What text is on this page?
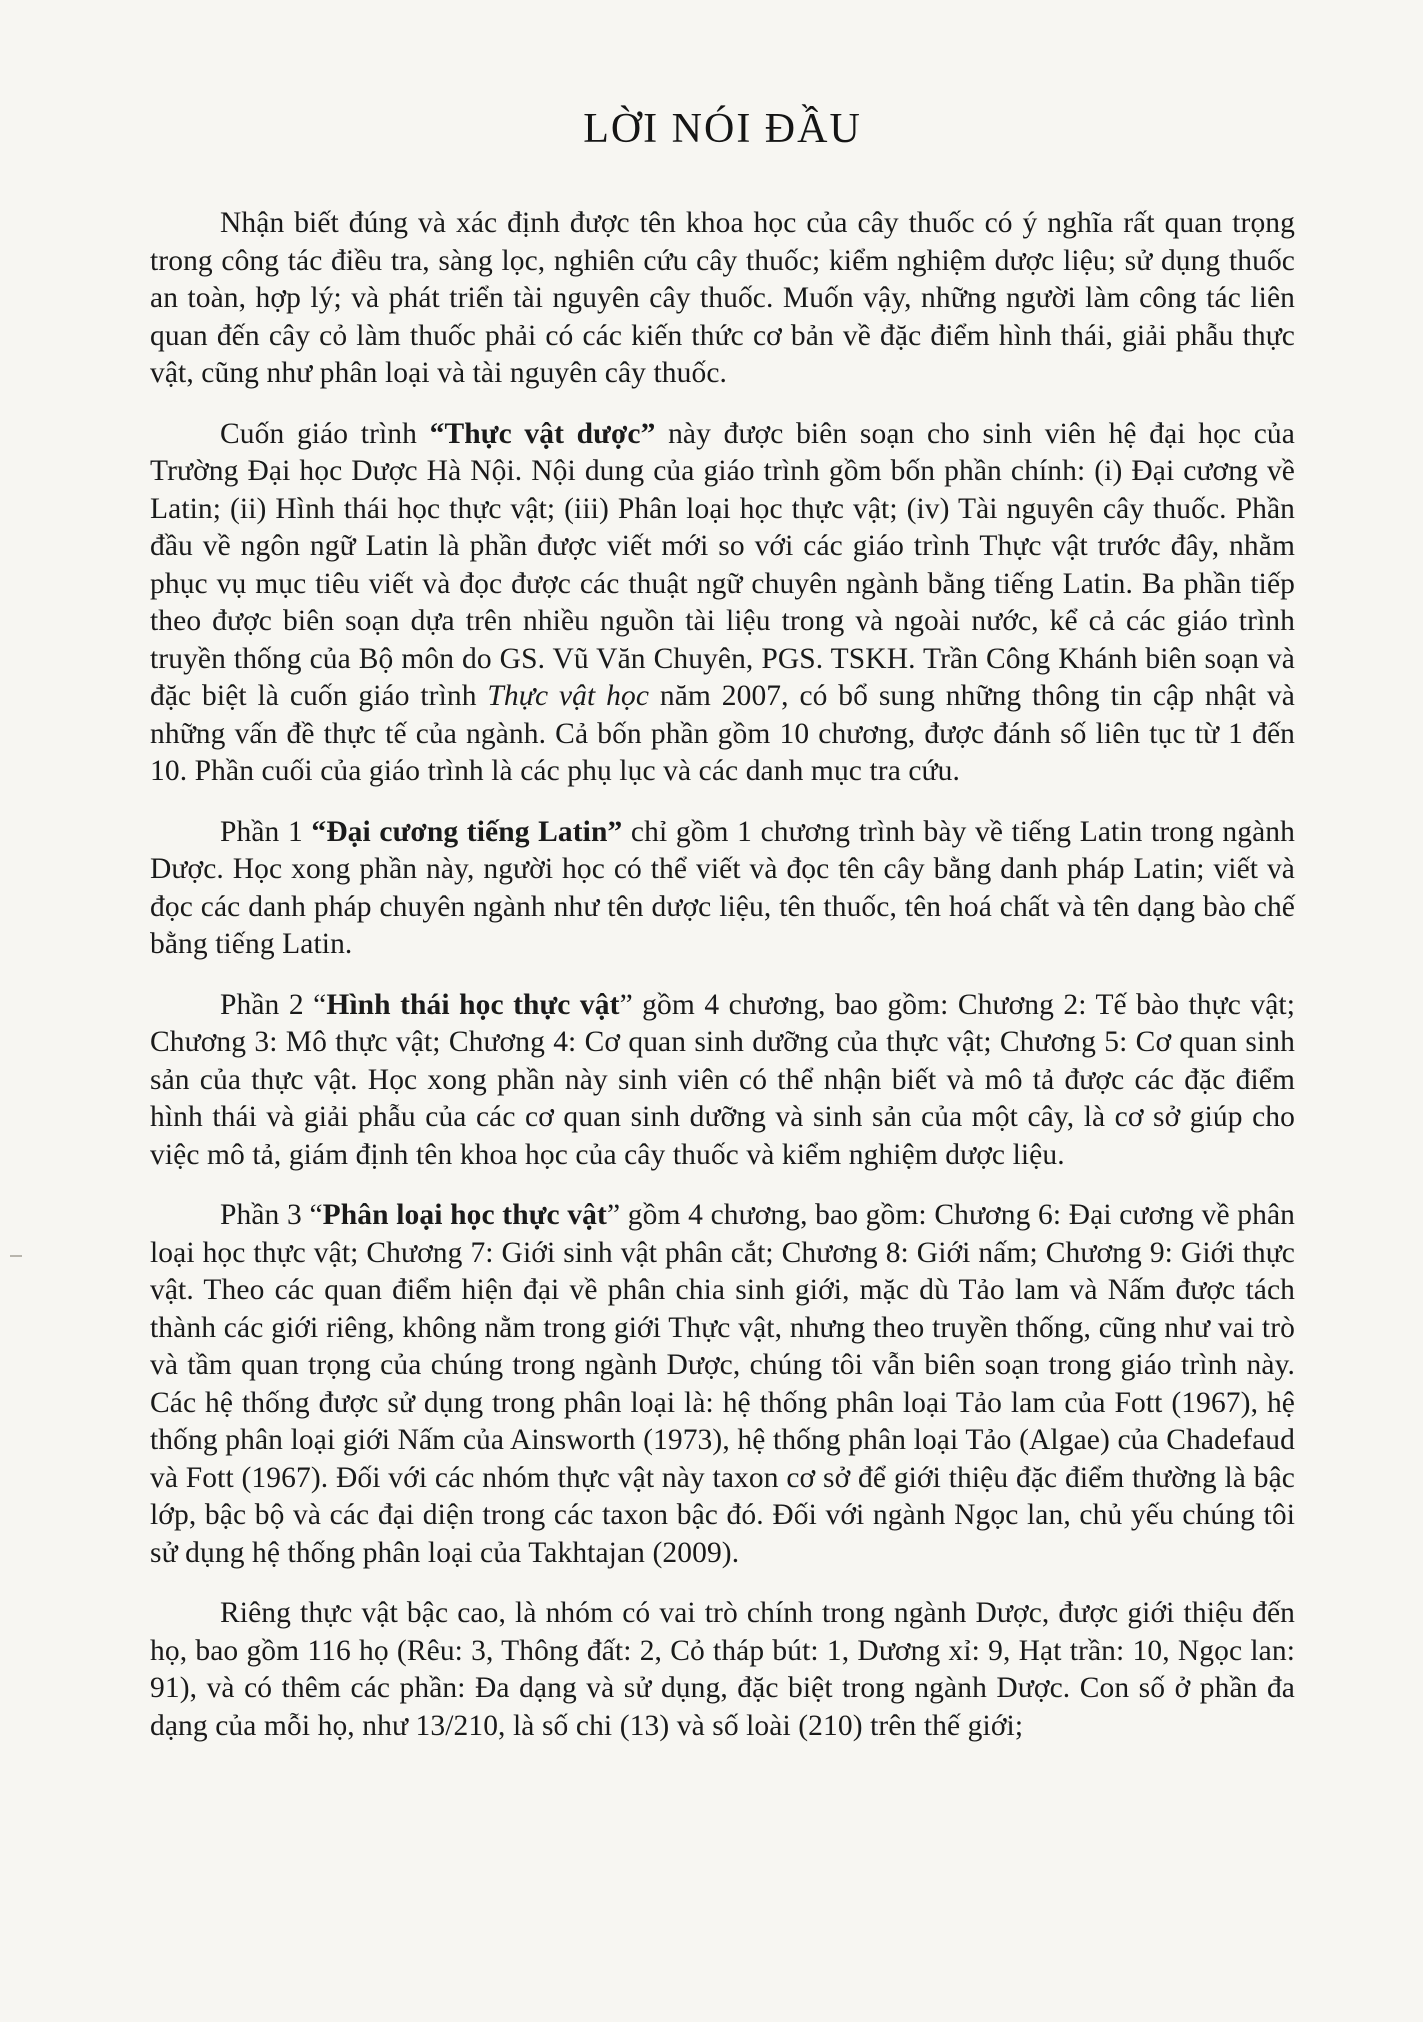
LỜI NÓI ĐẦU

Nhận biết đúng và xác định được tên khoa học của cây thuốc có ý nghĩa rất quan trọng trong công tác điều tra, sàng lọc, nghiên cứu cây thuốc; kiểm nghiệm dược liệu; sử dụng thuốc an toàn, hợp lý; và phát triển tài nguyên cây thuốc. Muốn vậy, những người làm công tác liên quan đến cây cỏ làm thuốc phải có các kiến thức cơ bản về đặc điểm hình thái, giải phẫu thực vật, cũng như phân loại và tài nguyên cây thuốc.

Cuốn giáo trình “Thực vật dược” này được biên soạn cho sinh viên hệ đại học của Trường Đại học Dược Hà Nội. Nội dung của giáo trình gồm bốn phần chính: (i) Đại cương về Latin; (ii) Hình thái học thực vật; (iii) Phân loại học thực vật; (iv) Tài nguyên cây thuốc. Phần đầu về ngôn ngữ Latin là phần được viết mới so với các giáo trình Thực vật trước đây, nhằm phục vụ mục tiêu viết và đọc được các thuật ngữ chuyên ngành bằng tiếng Latin. Ba phần tiếp theo được biên soạn dựa trên nhiều nguồn tài liệu trong và ngoài nước, kể cả các giáo trình truyền thống của Bộ môn do GS. Vũ Văn Chuyên, PGS. TSKH. Trần Công Khánh biên soạn và đặc biệt là cuốn giáo trình Thực vật học năm 2007, có bổ sung những thông tin cập nhật và những vấn đề thực tế của ngành. Cả bốn phần gồm 10 chương, được đánh số liên tục từ 1 đến 10. Phần cuối của giáo trình là các phụ lục và các danh mục tra cứu.

Phần 1 “Đại cương tiếng Latin” chỉ gồm 1 chương trình bày về tiếng Latin trong ngành Dược. Học xong phần này, người học có thể viết và đọc tên cây bằng danh pháp Latin; viết và đọc các danh pháp chuyên ngành như tên dược liệu, tên thuốc, tên hoá chất và tên dạng bào chế bằng tiếng Latin.

Phần 2 “Hình thái học thực vật” gồm 4 chương, bao gồm: Chương 2: Tế bào thực vật; Chương 3: Mô thực vật; Chương 4: Cơ quan sinh dưỡng của thực vật; Chương 5: Cơ quan sinh sản của thực vật. Học xong phần này sinh viên có thể nhận biết và mô tả được các đặc điểm hình thái và giải phẫu của các cơ quan sinh dưỡng và sinh sản của một cây, là cơ sở giúp cho việc mô tả, giám định tên khoa học của cây thuốc và kiểm nghiệm dược liệu.

Phần 3 “Phân loại học thực vật” gồm 4 chương, bao gồm: Chương 6: Đại cương về phân loại học thực vật; Chương 7: Giới sinh vật phân cắt; Chương 8: Giới nấm; Chương 9: Giới thực vật. Theo các quan điểm hiện đại về phân chia sinh giới, mặc dù Tảo lam và Nấm được tách thành các giới riêng, không nằm trong giới Thực vật, nhưng theo truyền thống, cũng như vai trò và tầm quan trọng của chúng trong ngành Dược, chúng tôi vẫn biên soạn trong giáo trình này. Các hệ thống được sử dụng trong phân loại là: hệ thống phân loại Tảo lam của Fott (1967), hệ thống phân loại giới Nấm của Ainsworth (1973), hệ thống phân loại Tảo (Algae) của Chadefaud và Fott (1967). Đối với các nhóm thực vật này taxon cơ sở để giới thiệu đặc điểm thường là bậc lớp, bậc bộ và các đại diện trong các taxon bậc đó. Đối với ngành Ngọc lan, chủ yếu chúng tôi sử dụng hệ thống phân loại của Takhtajan (2009).

Riêng thực vật bậc cao, là nhóm có vai trò chính trong ngành Dược, được giới thiệu đến họ, bao gồm 116 họ (Rêu: 3, Thông đất: 2, Cỏ tháp bút: 1, Dương xỉ: 9, Hạt trần: 10, Ngọc lan: 91), và có thêm các phần: Đa dạng và sử dụng, đặc biệt trong ngành Dược. Con số ở phần đa dạng của mỗi họ, như 13/210, là số chi (13) và số loài (210) trên thế giới;
